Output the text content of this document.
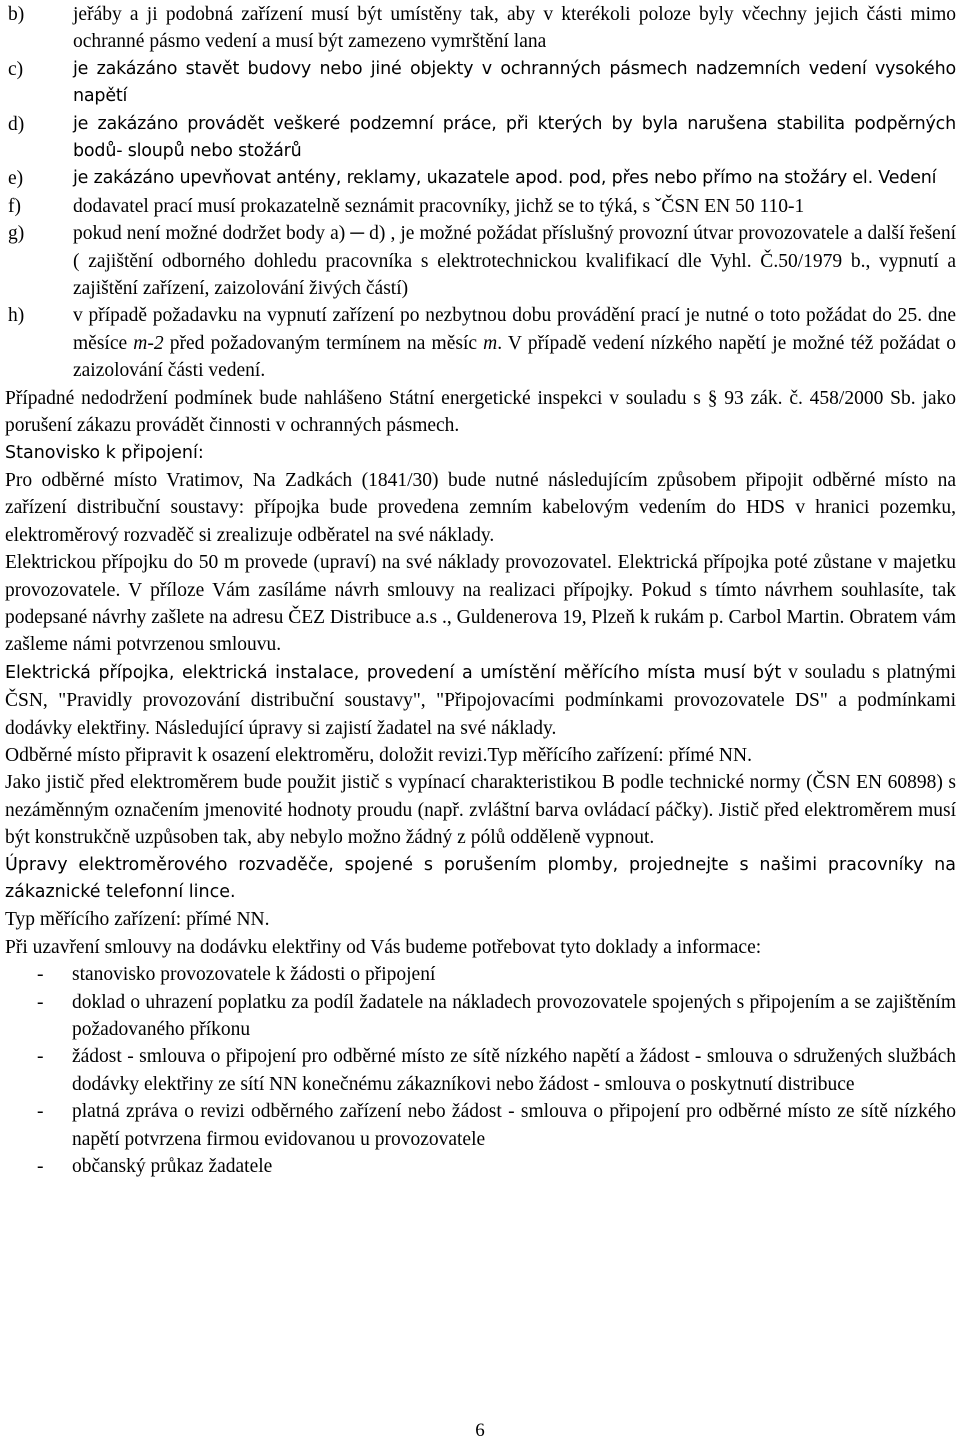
b)	jeřáby a ji podobná zařízení musí být umístěny tak, aby v kterékoli poloze byly včechny jejich části mimo ochranné pásmo vedení a musí být zamezeno vymrštění lana
c)	je zakázáno stavět budovy nebo jiné objekty v ochranných pásmech nadzemních vedení vysokého napětí
d)	je zakázáno provádět veškeré podzemní práce, při kterých by byla narušena stabilita podpěrných bodů- sloupů nebo stožárů
e)	je zakázáno upevňovat antény, reklamy, ukazatele apod. pod, přes nebo přímo na stožáry el. Vedení
f)	dodavatel prací musí prokazatelně seznámit pracovníky, jichž se to týká, s ˇČSN EN 50 110-1
g)	pokud není možné dodržet body a) ─ d) , je možné požádat příslušný provozní útvar provozovatele a další řešení ( zajištění odborného dohledu pracovníka s elektrotechnickou kvalifikací dle Vyhl. Č.50/1979 b., vypnutí a zajištění zařízení, zaizolování živých částí)
h)	v případě požadavku na vypnutí zařízení po nezbytnou dobu provádění prací je nutné o toto požádat do 25. dne měsíce m-2 před požadovaným termínem na měsíc m. V případě vedení nízkého napětí je možné též požádat o zaizolování části vedení.

Případné nedodržení podmínek bude nahlášeno Státní energetické inspekci v souladu s § 93 zák. č. 458/2000 Sb. jako porušení zákazu provádět činnosti v ochranných pásmech.

Stanovisko k připojení:

Pro odběrné místo Vratimov, Na Zadkách (1841/30) bude nutné následujícím způsobem připojit odběrné místo na zařízení distribuční soustavy: přípojka bude provedena zemním kabelovým vedením do HDS v hranici pozemku, elektroměrový rozvaděč si zrealizuje odběratel na své náklady.

Elektrickou přípojku do 50 m provede (upraví) na své náklady provozovatel. Elektrická přípojka poté zůstane v majetku provozovatele. V příloze Vám zasíláme návrh smlouvy na realizaci přípojky. Pokud s tímto návrhem souhlasíte, tak podepsané návrhy zašlete na adresu ČEZ Distribuce a.s ., Guldenerova 19, Plzeň k rukám p. Carbol Martin. Obratem vám zašleme námi potvrzenou smlouvu.

Elektrická přípojka, elektrická instalace, provedení a umístění měřícího místa musí být v souladu s platnými ČSN, "Pravidly provozování distribuční soustavy", "Připojovacími podmínkami provozovatele DS" a podmínkami dodávky elektřiny. Následující úpravy si zajistí žadatel na své náklady.

Odběrné místo připravit k osazení elektroměru, doložit revizi.Typ měřícího zařízení: přímé NN.

Jako jistič před elektroměrem bude použit jistič s vypínací charakteristikou B podle technické normy (ČSN EN 60898) s nezáměnným označením jmenovité hodnoty proudu (např. zvláštní barva ovládací páčky). Jistič před elektroměrem musí být konstrukčně uzpůsoben tak, aby nebylo možno žádný z pólů odděleně vypnout.

Úpravy elektroměrového rozvaděče, spojené s porušením plomby, projednejte s našimi pracovníky na zákaznické telefonní lince.

Typ měřícího zařízení: přímé NN.

Při uzavření smlouvy na dodávku elektřiny od Vás budeme potřebovat tyto doklady a informace:

-	stanovisko provozovatele k žádosti o připojení
-	doklad o uhrazení poplatku za podíl žadatele na nákladech provozovatele spojených s připojením a se zajištěním požadovaného příkonu
-	žádost - smlouva o připojení pro odběrné místo ze sítě nízkého napětí a žádost - smlouva o sdružených službách dodávky elektřiny ze sítí NN konečnému zákazníkovi nebo žádost - smlouva o poskytnutí distribuce
-	platná zpráva o revizi odběrného zařízení nebo žádost - smlouva o připojení pro odběrné místo ze sítě nízkého napětí potvrzena firmou evidovanou u provozovatele
-	občanský průkaz žadatele
6
